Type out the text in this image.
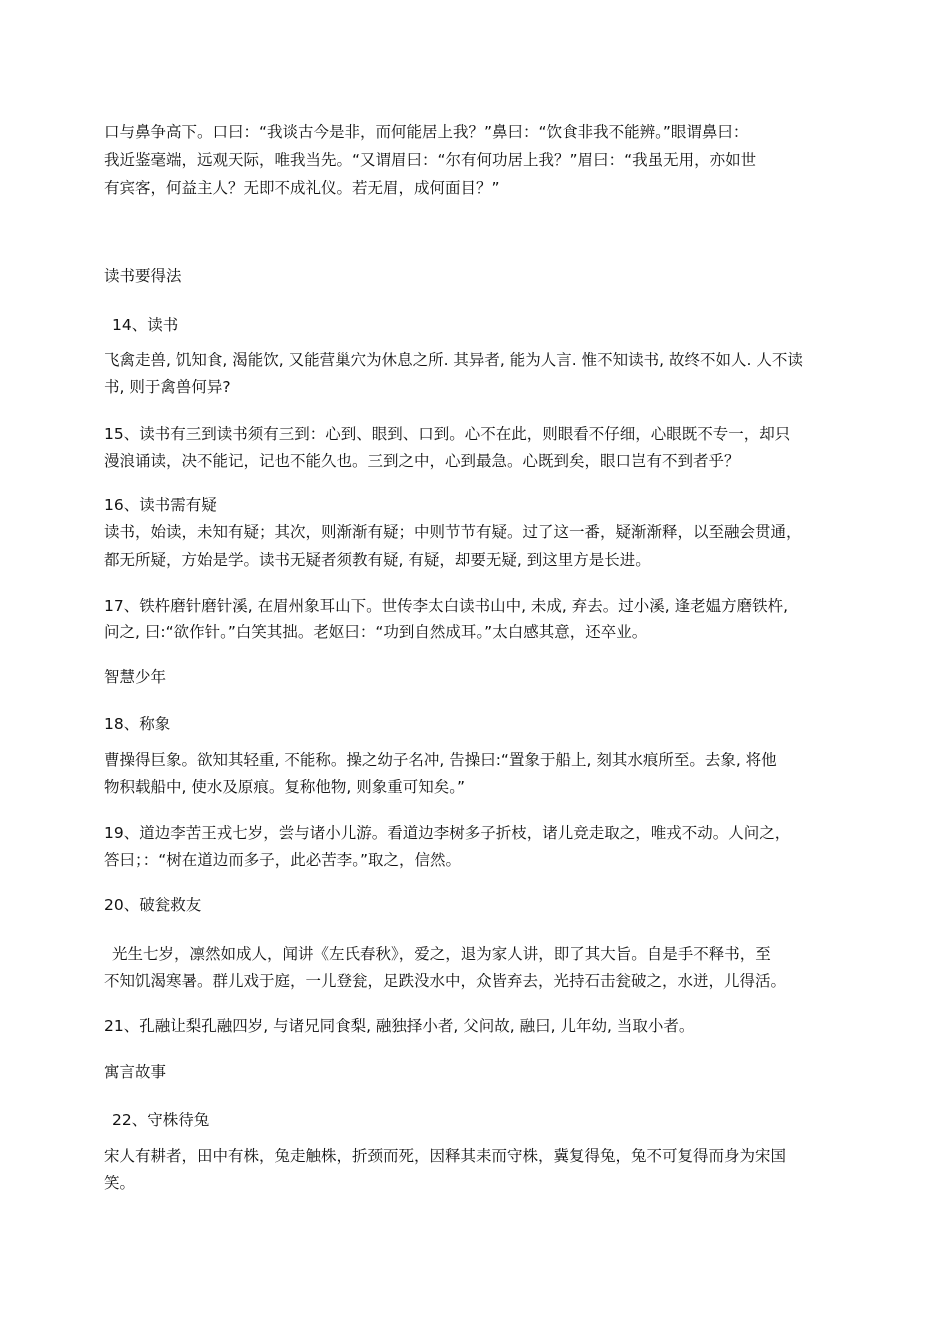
口与鼻争高下。口曰：“我谈古今是非，而何能居上我？”鼻曰：“饮食非我不能辨。”眼谓鼻曰：
我近鉴毫端，远观天际，唯我当先。“又谓眉曰：“尔有何功居上我？”眉曰：“我虽无用，亦如世
有宾客，何益主人？无即不成礼仪。若无眉，成何面目？”
读书要得法
14、读书
飞禽走兽, 饥知食, 渴能饮, 又能营巢穴为休息之所. 其异者, 能为人言. 惟不知读书, 故终不如人. 人不读
书, 则于禽兽何异?
15、读书有三到读书须有三到：心到、眼到、口到。心不在此，则眼看不仔细，心眼既不专一，却只
漫浪诵读，决不能记，记也不能久也。三到之中，心到最急。心既到矣，眼口岂有不到者乎？
16、读书需有疑
读书，始读，未知有疑；其次，则渐渐有疑；中则节节有疑。过了这一番，疑渐渐释，以至融会贯通，
都无所疑，方始是学。读书无疑者须教有疑, 有疑，却要无疑, 到这里方是长进。
17、铁杵磨针磨针溪, 在眉州象耳山下。世传李太白读书山中, 未成, 弃去。过小溪, 逢老媪方磨铁杵,
问之, 曰:“欲作针。”白笑其拙。老妪曰：“功到自然成耳。”太白感其意，还卒业。
智慧少年
18、称象
曹操得巨象。欲知其轻重, 不能称。操之幼子名冲, 告操曰:“置象于船上, 刻其水痕所至。去象, 将他
物积载船中, 使水及原痕。复称他物, 则象重可知矣。”
19、道边李苦王戎七岁，尝与诸小儿游。看道边李树多子折枝，诸儿竞走取之，唯戎不动。人问之，
答曰；：“树在道边而多子，此必苦李。”取之，信然。
20、破瓮救友
光生七岁，凛然如成人，闻讲《左氏春秋》，爱之，退为家人讲，即了其大旨。自是手不释书，至
不知饥渴寒暑。群儿戏于庭，一儿登瓮，足跌没水中，众皆弃去，光持石击瓮破之，水迸，儿得活。
21、孔融让梨孔融四岁, 与诸兄同食梨, 融独择小者, 父问故, 融曰, 儿年幼, 当取小者。
寓言故事
22、守株待兔
宋人有耕者，田中有株，兔走触株，折颈而死，因释其耒而守株，冀复得兔，兔不可复得而身为宋国
笑。
